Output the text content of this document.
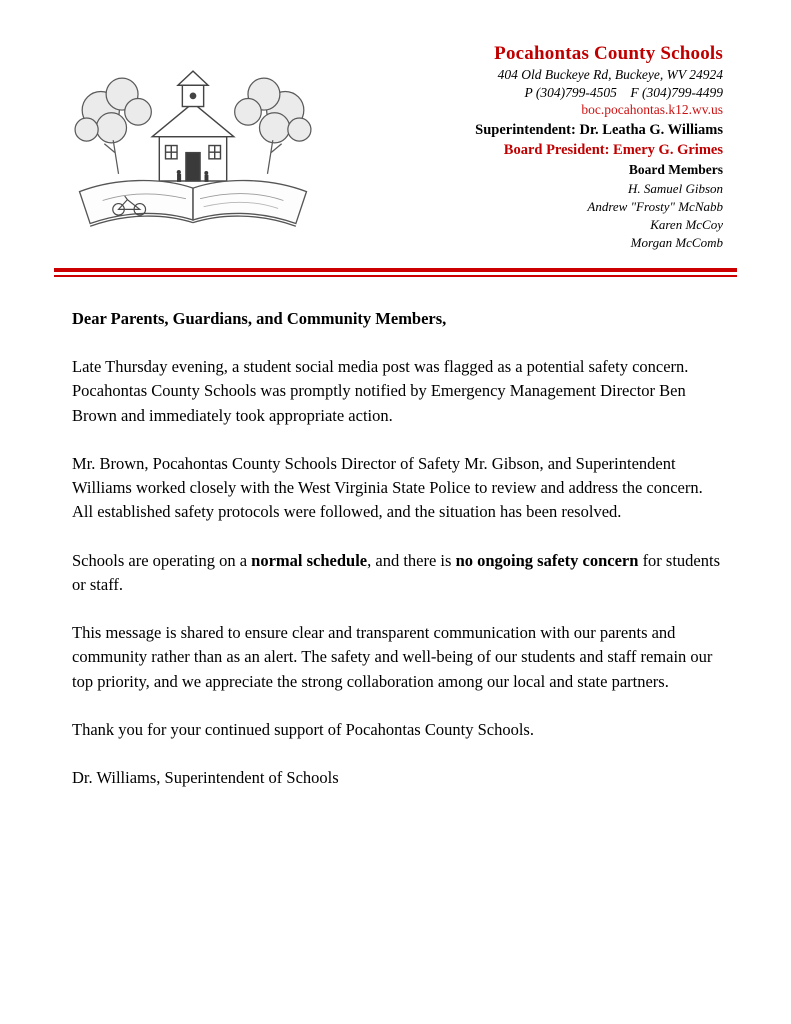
Pocahontas County Schools
404 Old Buckeye Rd, Buckeye, WV 24924
P (304)799-4505    F (304)799-4499
boc.pocahontas.k12.wv.us
Superintendent: Dr. Leatha G. Williams
Board President: Emery G. Grimes
Board Members
H. Samuel Gibson
Andrew "Frosty" McNabb
Karen McCoy
Morgan McComb

Dear Parents, Guardians, and Community Members,

Late Thursday evening, a student social media post was flagged as a potential safety concern. Pocahontas County Schools was promptly notified by Emergency Management Director Ben Brown and immediately took appropriate action.

Mr. Brown, Pocahontas County Schools Director of Safety Mr. Gibson, and Superintendent Williams worked closely with the West Virginia State Police to review and address the concern. All established safety protocols were followed, and the situation has been resolved.

Schools are operating on a normal schedule, and there is no ongoing safety concern for students or staff.

This message is shared to ensure clear and transparent communication with our parents and community rather than as an alert. The safety and well-being of our students and staff remain our top priority, and we appreciate the strong collaboration among our local and state partners.

Thank you for your continued support of Pocahontas County Schools.

Dr. Williams, Superintendent of Schools
